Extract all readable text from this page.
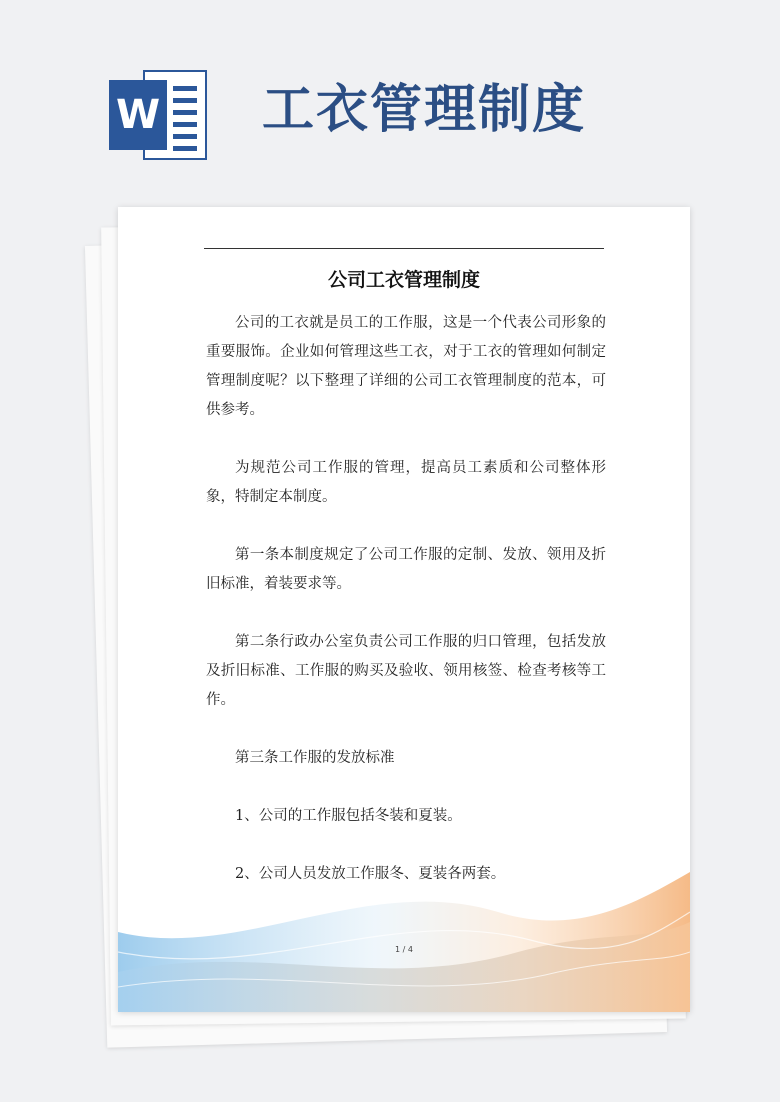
W 工衣管理制度
公司工衣管理制度

公司的工衣就是员工的工作服，这是一个代表公司形象的重要服饰。企业如何管理这些工衣，对于工衣的管理如何制定管理制度呢？以下整理了详细的公司工衣管理制度的范本，可供参考。

为规范公司工作服的管理，提高员工素质和公司整体形象，特制定本制度。

第一条本制度规定了公司工作服的定制、发放、领用及折旧标准，着装要求等。

第二条行政办公室负责公司工作服的归口管理，包括发放及折旧标准、工作服的购买及验收、领用核签、检查考核等工作。

第三条工作服的发放标准

1、公司的工作服包括冬装和夏装。

2、公司人员发放工作服冬、夏装各两套。

1 / 4
